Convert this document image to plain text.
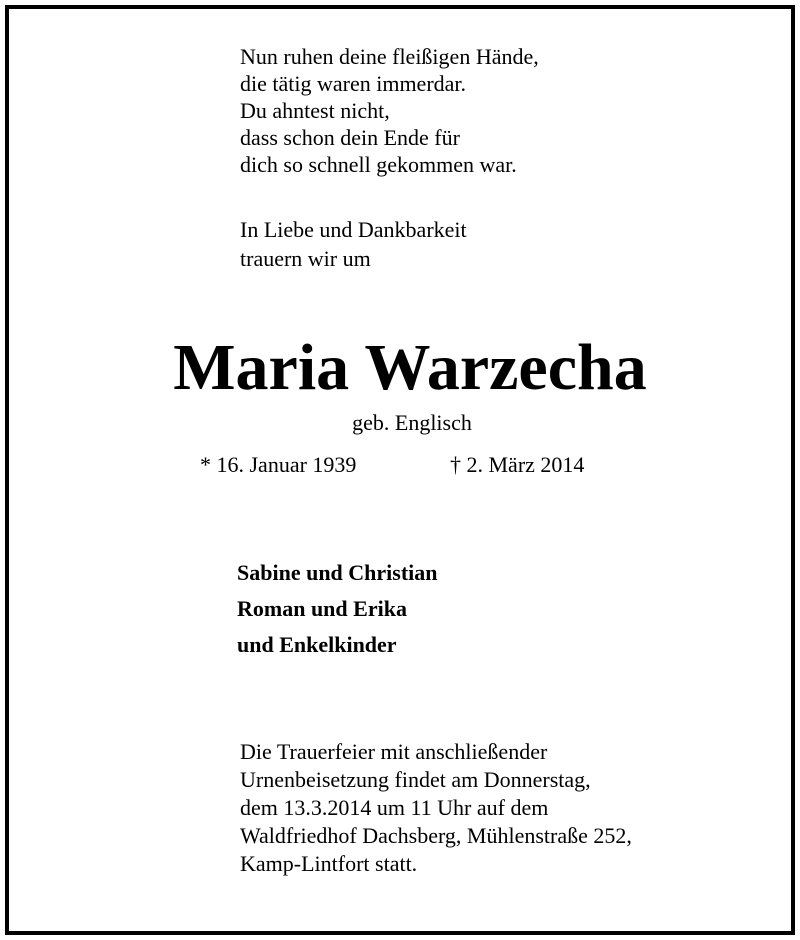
Nun ruhen deine fleißigen Hände,
die tätig waren immerdar.
Du ahntest nicht,
dass schon dein Ende für
dich so schnell gekommen war.
In Liebe und Dankbarkeit
trauern wir um
Maria Warzecha
geb. Englisch
* 16. Januar 1939	† 2. März 2014
Sabine und Christian
Roman und Erika
und Enkelkinder
Die Trauerfeier mit anschließender
Urnenbeisetzung findet am Donnerstag,
dem 13.3.2014 um 11 Uhr auf dem
Waldfriedhof Dachsberg, Mühlenstraße 252,
Kamp-Lintfort statt.
